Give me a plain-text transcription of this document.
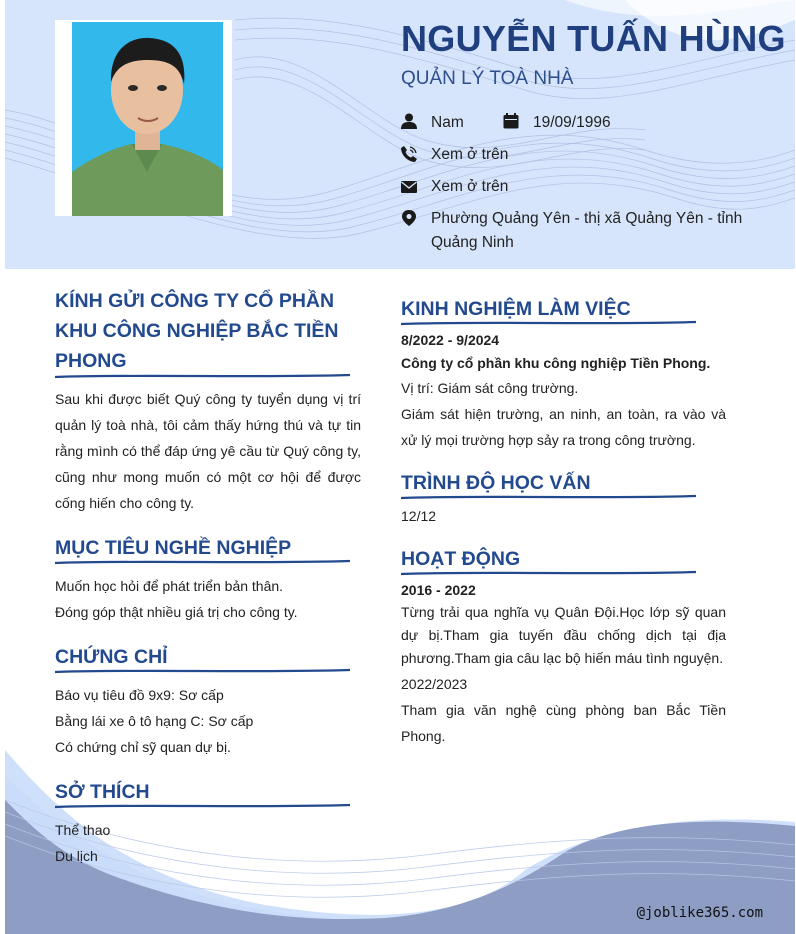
NGUYỄN TUẤN HÙNG
QUẢN LÝ TOÀ NHÀ
Nam	19/09/1996
Xem ở trên
Xem ở trên
Phường Quảng Yên - thị xã Quảng Yên - tỉnh
Quảng Ninh
KÍNH GỬI CÔNG TY CỔ PHẦN
KHU CÔNG NGHIỆP BẮC TIỀN
PHONG
Sau khi được biết Quý công ty tuyển dụng vị trí quản lý toà nhà, tôi cảm thấy hứng thú và tự tin rằng mình có thể đáp ứng yê cầu từ Quý công ty, cũng như mong muốn có một cơ hội để được cống hiến cho công ty.
MỤC TIÊU NGHỀ NGHIỆP
Muốn học hỏi để phát triển bản thân.
Đóng góp thật nhiều giá trị cho công ty.
CHỨNG CHỈ
Báo vụ tiêu đồ 9x9: Sơ cấp
Bằng lái xe ô tô hạng C: Sơ cấp
Có chứng chỉ sỹ quan dự bị.
SỞ THÍCH
Thể thao
Du lịch
KINH NGHIỆM LÀM VIỆC
8/2022 - 9/2024
Công ty cổ phần khu công nghiệp Tiền Phong.
Vị trí: Giám sát công trường.
Giám sát hiện trường, an ninh, an toàn, ra vào và xử lý mọi trường hợp sảy ra trong công trường.
TRÌNH ĐỘ HỌC VẤN
12/12
HOẠT ĐỘNG
2016 - 2022
Từng trải qua nghĩa vụ Quân Đội.Học lớp sỹ quan dự bị.Tham gia tuyến đầu chống dịch tại địa phương.Tham gia câu lạc bộ hiến máu tình nguyện.
2022/2023
Tham gia văn nghệ cùng phòng ban Bắc Tiền Phong.
@joblike365.com
